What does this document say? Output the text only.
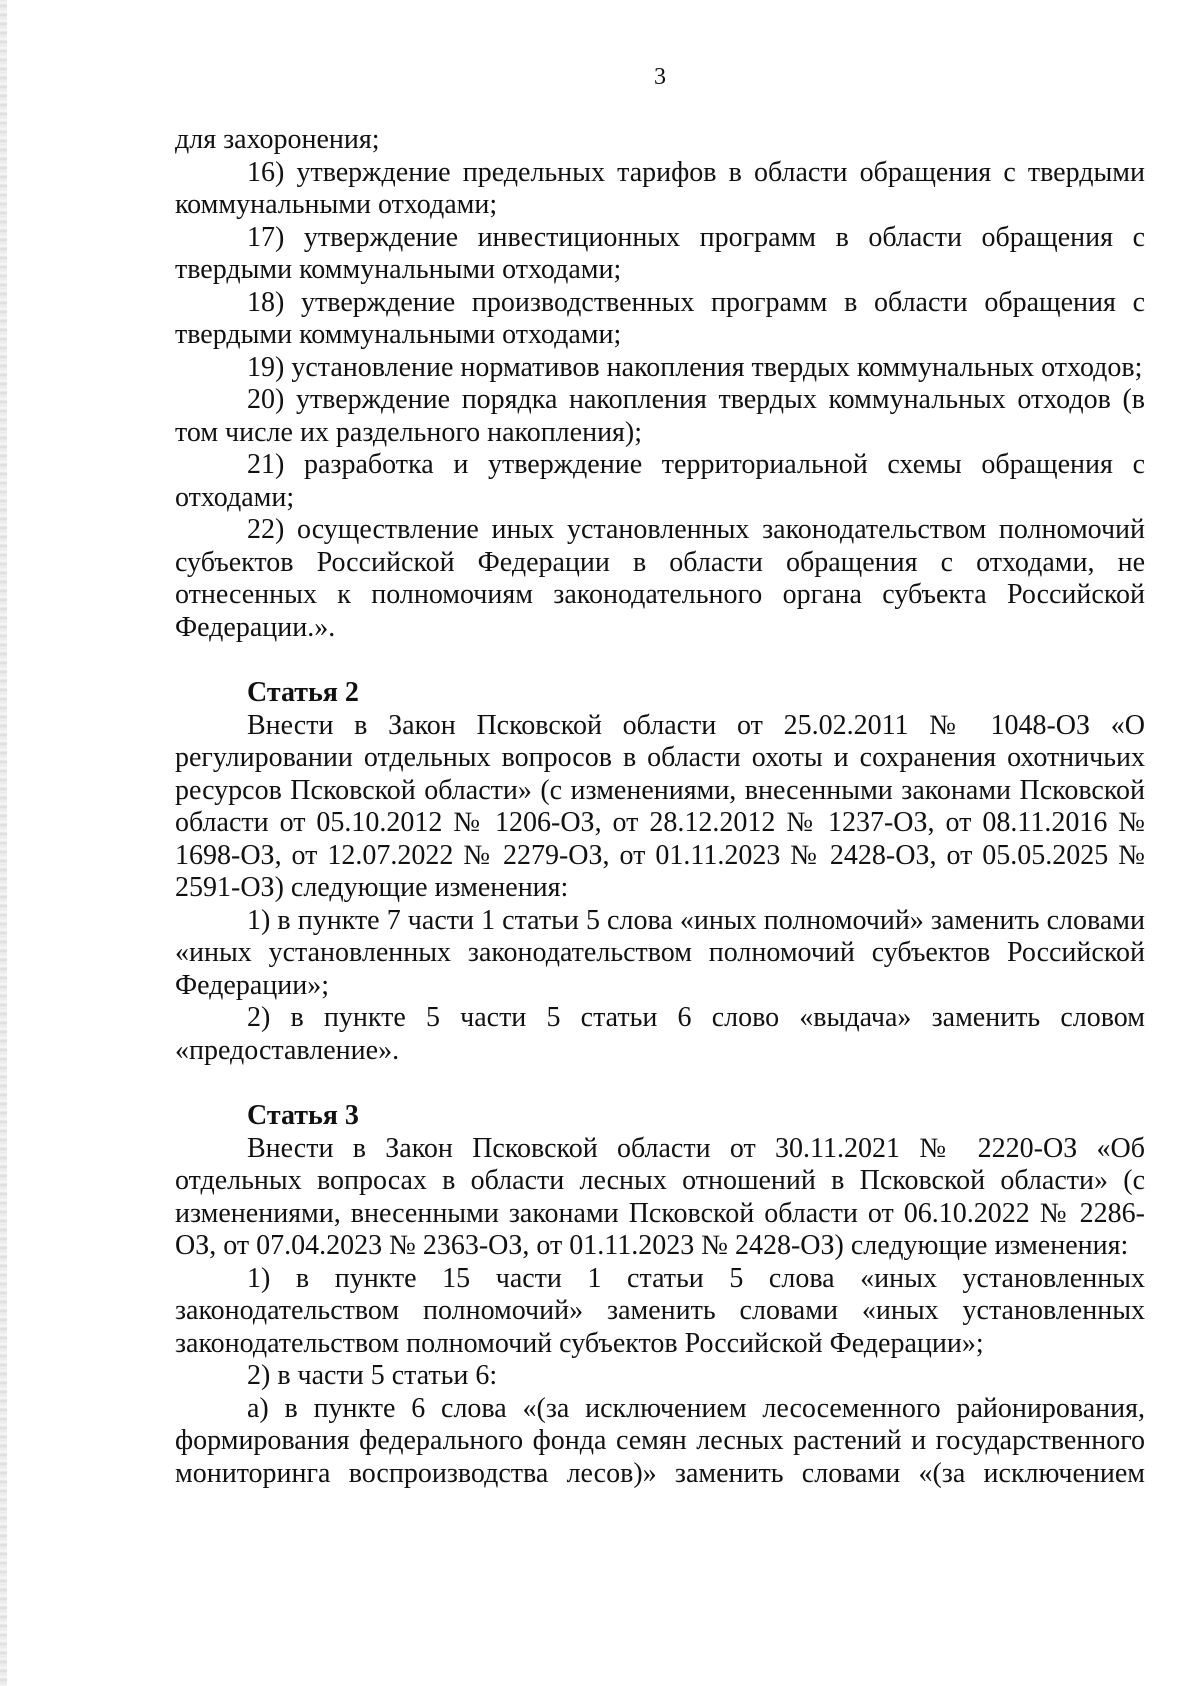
3

для захоронения;

16) утверждение предельных тарифов в области обращения с твердыми коммунальными отходами;

17) утверждение инвестиционных программ в области обращения с твердыми коммунальными отходами;

18) утверждение производственных программ в области обращения с твердыми коммунальными отходами;

19) установление нормативов накопления твердых коммунальных отходов;

20) утверждение порядка накопления твердых коммунальных отходов (в том числе их раздельного накопления);

21) разработка и утверждение территориальной схемы обращения с отходами;

22) осуществление иных установленных законодательством полномочий субъектов Российской Федерации в области обращения с отходами, не отнесенных к полномочиям законодательного органа субъекта Российской Федерации.».

Статья 2

Внести в Закон Псковской области от 25.02.2011 № 1048-ОЗ «О регулировании отдельных вопросов в области охоты и сохранения охотничьих ресурсов Псковской области» (с изменениями, внесенными законами Псковской области от 05.10.2012 № 1206-ОЗ, от 28.12.2012 № 1237-ОЗ, от 08.11.2016 № 1698-ОЗ, от 12.07.2022 № 2279-ОЗ, от 01.11.2023 № 2428-ОЗ, от 05.05.2025 № 2591-ОЗ) следующие изменения:

1) в пункте 7 части 1 статьи 5 слова «иных полномочий» заменить словами «иных установленных законодательством полномочий субъектов Российской Федерации»;

2) в пункте 5 части 5 статьи 6 слово «выдача» заменить словом «предоставление».

Статья 3

Внести в Закон Псковской области от 30.11.2021 № 2220-ОЗ «Об отдельных вопросах в области лесных отношений в Псковской области» (с изменениями, внесенными законами Псковской области от 06.10.2022 № 2286-ОЗ, от 07.04.2023 № 2363-ОЗ, от 01.11.2023 № 2428-ОЗ) следующие изменения:

1) в пункте 15 части 1 статьи 5 слова «иных установленных законодательством полномочий» заменить словами «иных установленных законодательством полномочий субъектов Российской Федерации»;

2) в части 5 статьи 6:

а) в пункте 6 слова «(за исключением лесосеменного районирования, формирования федерального фонда семян лесных растений и государственного мониторинга воспроизводства лесов)» заменить словами «(за исключением
